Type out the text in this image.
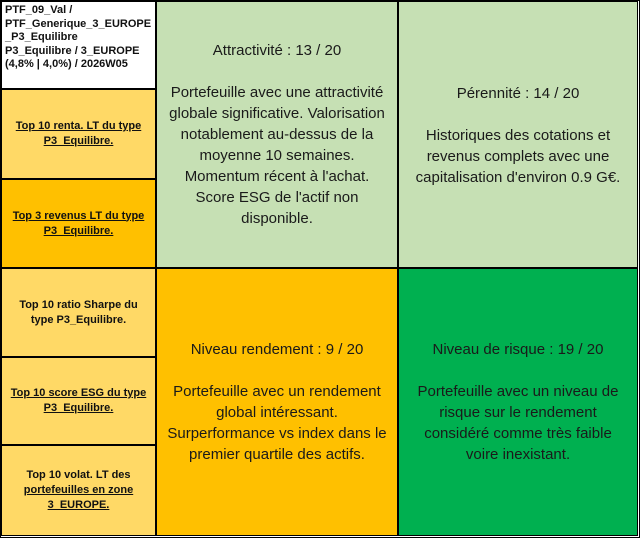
PTF_09_Val /
PTF_Generique_3_EUROPE
_P3_Equilibre
P3_Equilibre / 3_EUROPE
(4,8% | 4,0%) / 2026W05
Top 10 renta. LT du type
P3_Equilibre.
Top 3 revenus LT du type
P3_Equilibre.
Top 10 ratio Sharpe du
type P3_Equilibre.
Top 10 score ESG du type
P3_Equilibre.
Top 10 volat. LT des
portefeuilles en zone
3_EUROPE.
Attractivité : 13 / 20
Portefeuille avec une attractivité globale significative. Valorisation notablement au-dessus de la moyenne 10 semaines. Momentum récent à l'achat. Score ESG de l'actif non disponible.
Pérennité : 14 / 20
Historiques des cotations et revenus complets avec une capitalisation d'environ 0.9 G€.
Niveau rendement : 9 / 20
Portefeuille avec un rendement global intéressant. Surperformance vs index dans le premier quartile des actifs.
Niveau de risque : 19 / 20
Portefeuille avec un niveau de risque sur le rendement considéré comme très faible voire inexistant.
